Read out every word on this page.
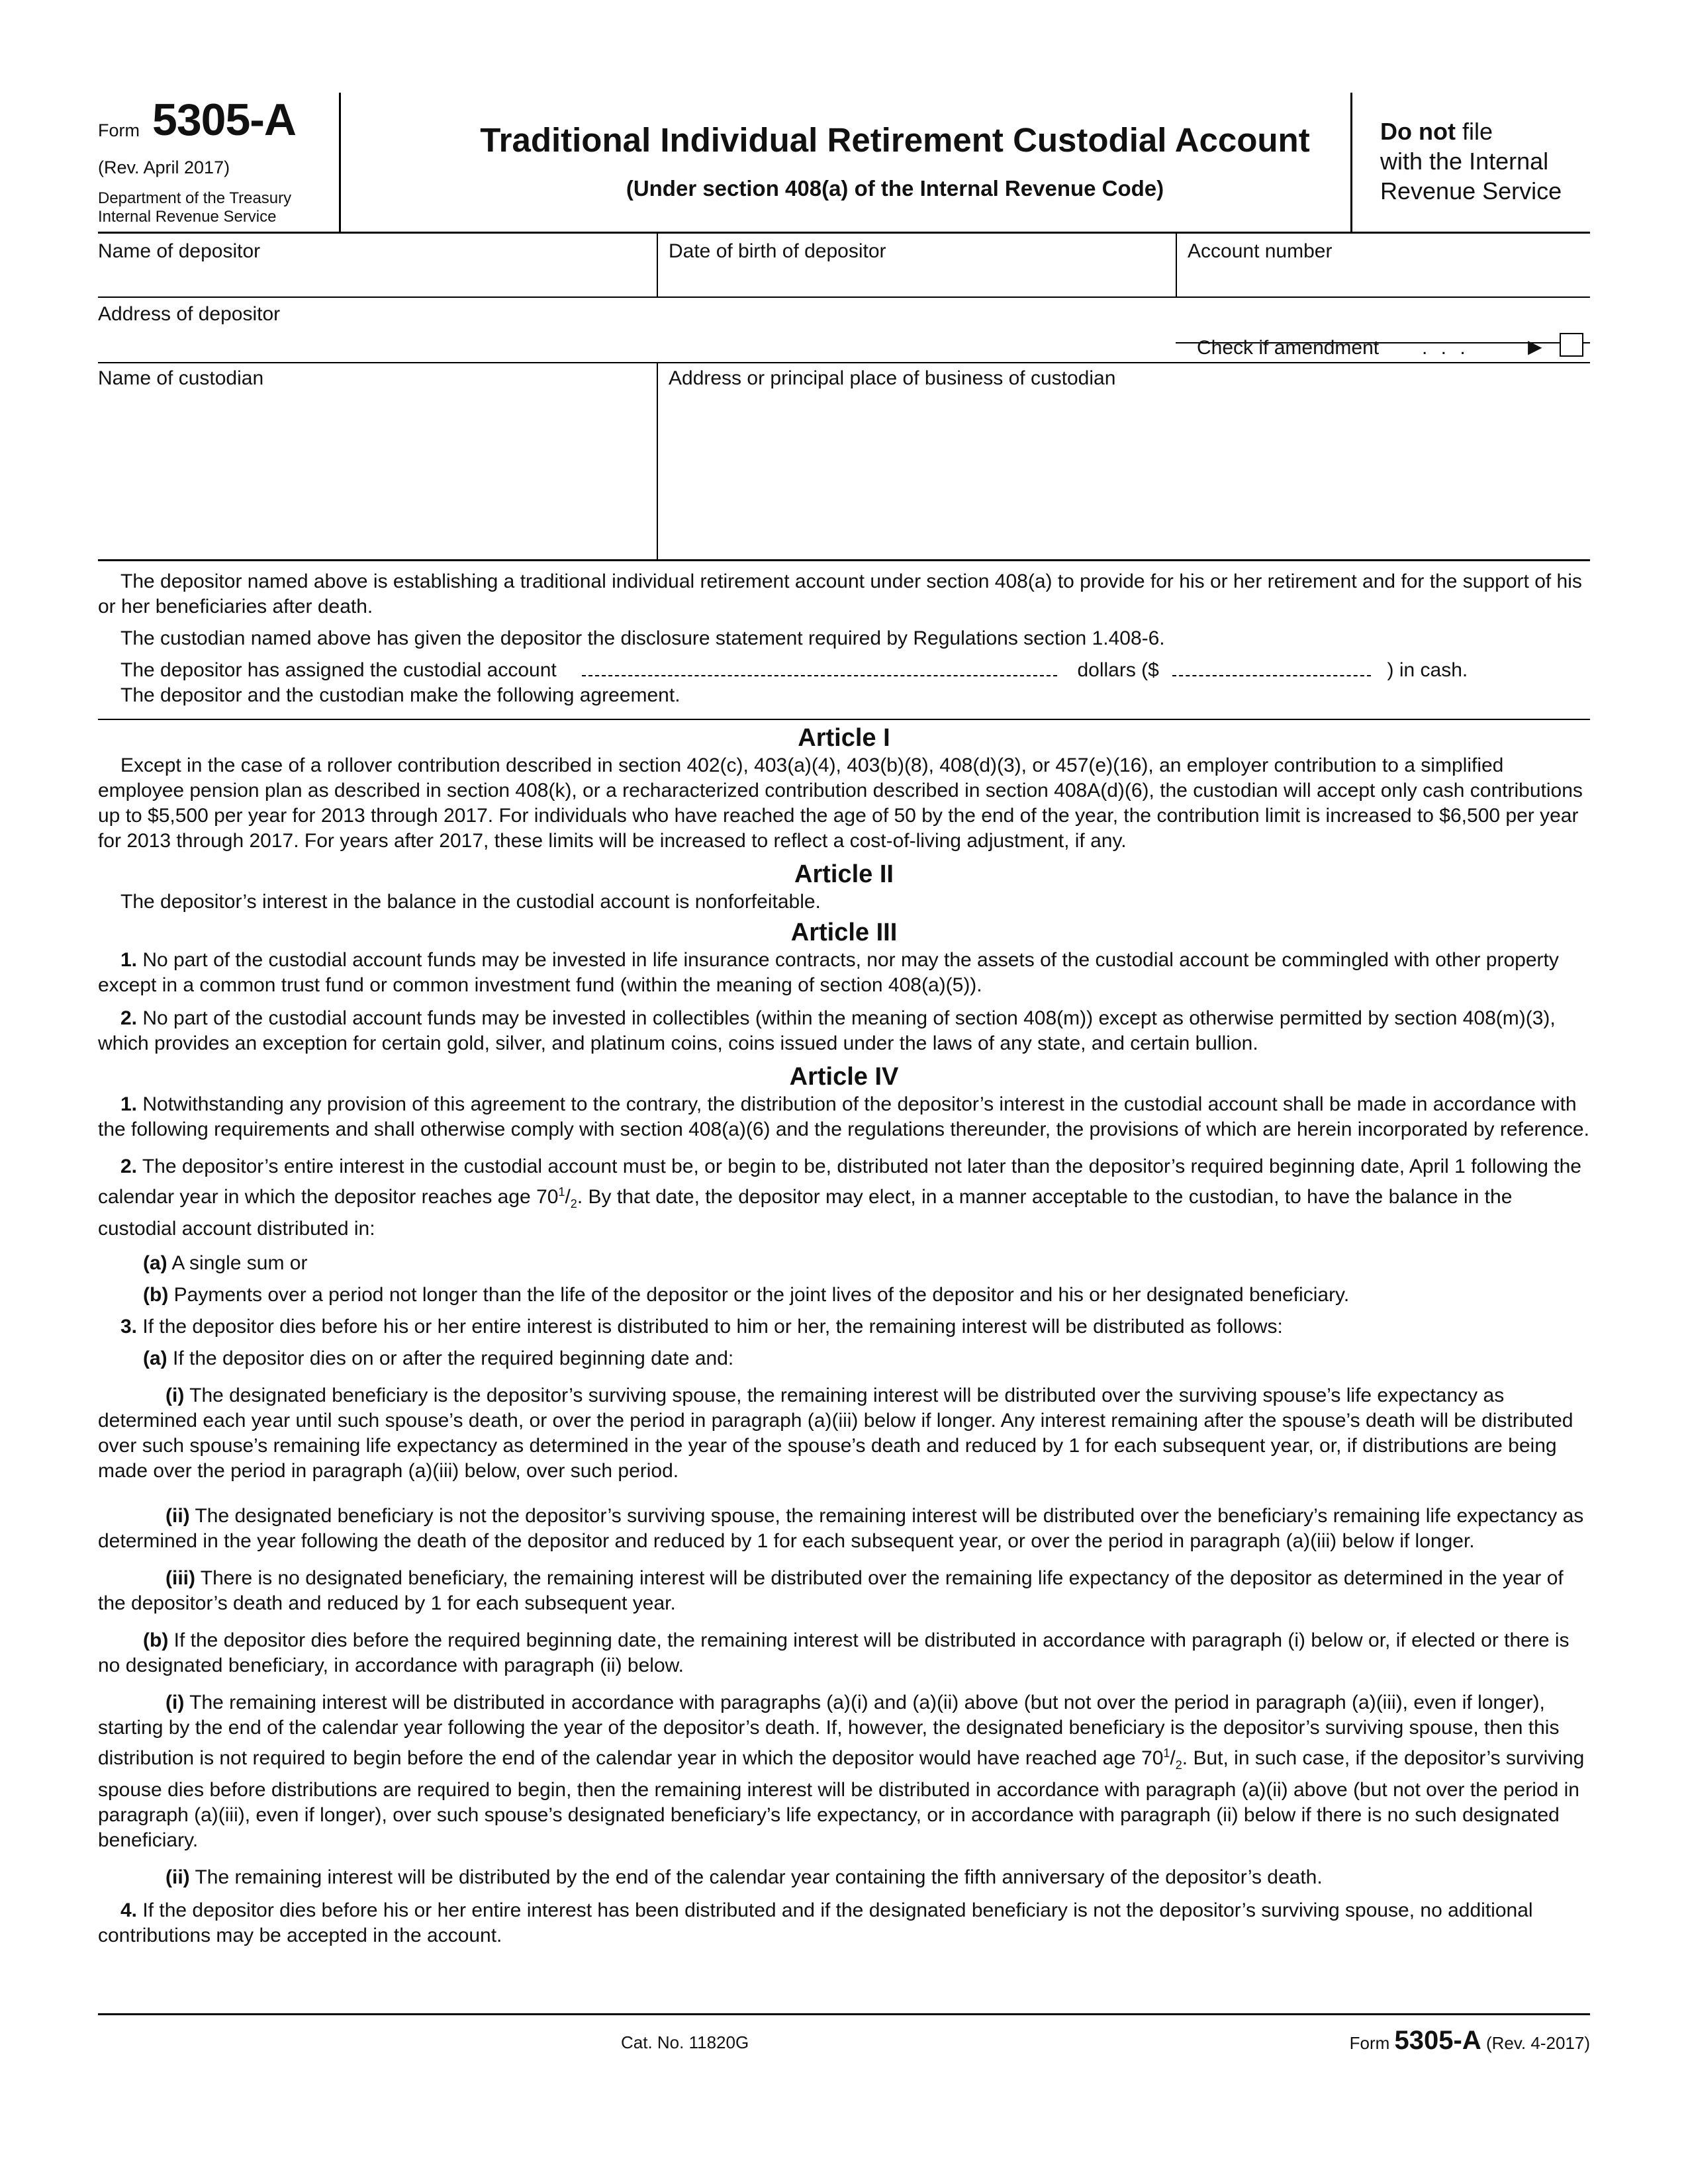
Form 5305-A
(Rev. April 2017)
Department of the Treasury
Internal Revenue Service
Traditional Individual Retirement Custodial Account
(Under section 408(a) of the Internal Revenue Code)
Do not file
with the Internal
Revenue Service
Name of depositor	Date of birth of depositor	Account number
Address of depositor
Check if amendment . . .	▶
Name of custodian	Address or principal place of business of custodian

The depositor named above is establishing a traditional individual retirement account under section 408(a) to provide for his or her retirement and for the support of his or her beneficiaries after death.

The custodian named above has given the depositor the disclosure statement required by Regulations section 1.408-6.

The depositor has assigned the custodial account	dollars ($	) in cash.

The depositor and the custodian make the following agreement.

Article I

Except in the case of a rollover contribution described in section 402(c), 403(a)(4), 403(b)(8), 408(d)(3), or 457(e)(16), an employer contribution to a simplified employee pension plan as described in section 408(k), or a recharacterized contribution described in section 408A(d)(6), the custodian will accept only cash contributions up to $5,500 per year for 2013 through 2017. For individuals who have reached the age of 50 by the end of the year, the contribution limit is increased to $6,500 per year for 2013 through 2017. For years after 2017, these limits will be increased to reflect a cost-of-living adjustment, if any.

Article II

The depositor’s interest in the balance in the custodial account is nonforfeitable.

Article III

1. No part of the custodial account funds may be invested in life insurance contracts, nor may the assets of the custodial account be commingled with other property except in a common trust fund or common investment fund (within the meaning of section 408(a)(5)).

2. No part of the custodial account funds may be invested in collectibles (within the meaning of section 408(m)) except as otherwise permitted by section 408(m)(3), which provides an exception for certain gold, silver, and platinum coins, coins issued under the laws of any state, and certain bullion.

Article IV

1. Notwithstanding any provision of this agreement to the contrary, the distribution of the depositor’s interest in the custodial account shall be made in accordance with the following requirements and shall otherwise comply with section 408(a)(6) and the regulations thereunder, the provisions of which are herein incorporated by reference.

2. The depositor’s entire interest in the custodial account must be, or begin to be, distributed not later than the depositor’s required beginning date, April 1 following the calendar year in which the depositor reaches age $70^1/_2$. By that date, the depositor may elect, in a manner acceptable to the custodian, to have the balance in the custodial account distributed in:

(a) A single sum or

(b) Payments over a period not longer than the life of the depositor or the joint lives of the depositor and his or her designated beneficiary.

3. If the depositor dies before his or her entire interest is distributed to him or her, the remaining interest will be distributed as follows:

(a) If the depositor dies on or after the required beginning date and:

(i) The designated beneficiary is the depositor’s surviving spouse, the remaining interest will be distributed over the surviving spouse’s life expectancy as determined each year until such spouse’s death, or over the period in paragraph (a)(iii) below if longer. Any interest remaining after the spouse’s death will be distributed over such spouse’s remaining life expectancy as determined in the year of the spouse’s death and reduced by 1 for each subsequent year, or, if distributions are being made over the period in paragraph (a)(iii) below, over such period.

(ii) The designated beneficiary is not the depositor’s surviving spouse, the remaining interest will be distributed over the beneficiary’s remaining life expectancy as determined in the year following the death of the depositor and reduced by 1 for each subsequent year, or over the period in paragraph (a)(iii) below if longer.

(iii) There is no designated beneficiary, the remaining interest will be distributed over the remaining life expectancy of the depositor as determined in the year of the depositor’s death and reduced by 1 for each subsequent year.

(b) If the depositor dies before the required beginning date, the remaining interest will be distributed in accordance with paragraph (i) below or, if elected or there is no designated beneficiary, in accordance with paragraph (ii) below.

(i) The remaining interest will be distributed in accordance with paragraphs (a)(i) and (a)(ii) above (but not over the period in paragraph (a)(iii), even if longer), starting by the end of the calendar year following the year of the depositor’s death. If, however, the designated beneficiary is the depositor’s surviving spouse, then this distribution is not required to begin before the end of the calendar year in which the depositor would have reached age $70^1/_2$. But, in such case, if the depositor’s surviving spouse dies before distributions are required to begin, then the remaining interest will be distributed in accordance with paragraph (a)(ii) above (but not over the period in paragraph (a)(iii), even if longer), over such spouse’s designated beneficiary’s life expectancy, or in accordance with paragraph (ii) below if there is no such designated beneficiary.

(ii) The remaining interest will be distributed by the end of the calendar year containing the fifth anniversary of the depositor’s death.

4. If the depositor dies before his or her entire interest has been distributed and if the designated beneficiary is not the depositor’s surviving spouse, no additional contributions may be accepted in the account.

Cat. No. 11820G	Form 5305-A (Rev. 4-2017)
